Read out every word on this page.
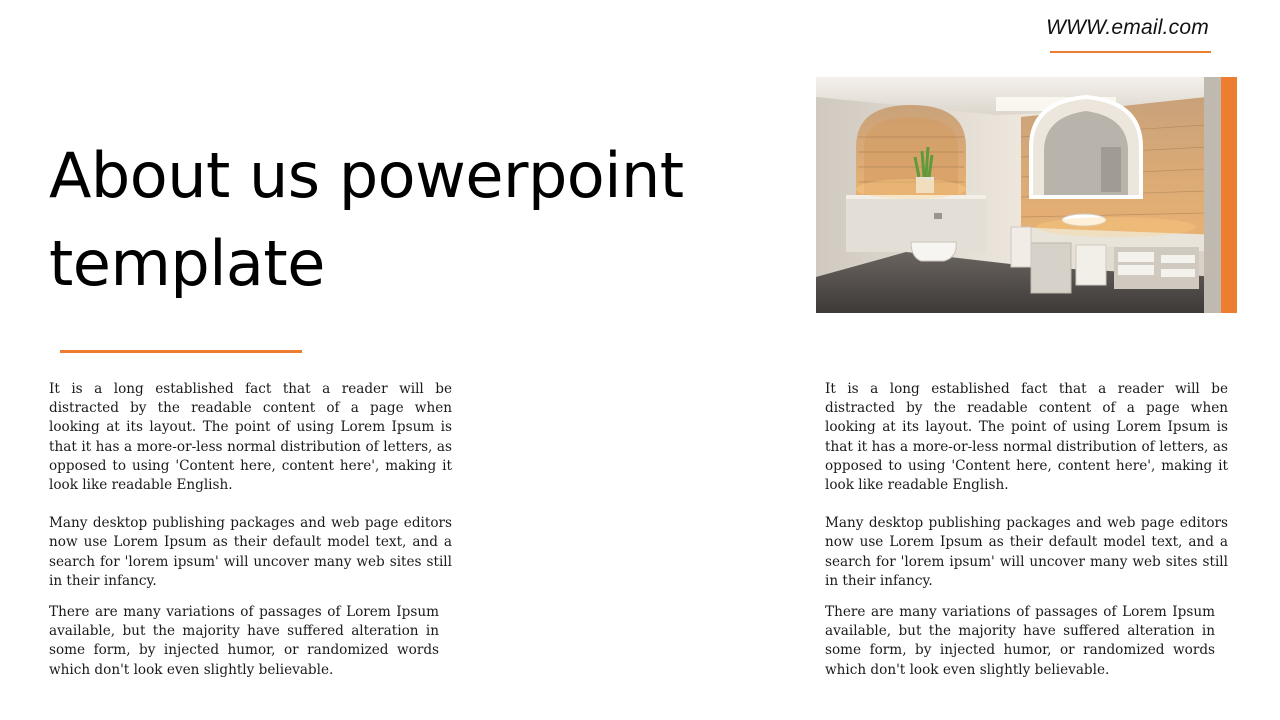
WWW.email.com
About us powerpoint template

It is a long established fact that a reader will be distracted by the readable content of a page when looking at its layout. The point of using Lorem Ipsum is that it has a more-or-less normal distribution of letters, as opposed to using 'Content here, content here', making it look like readable English.

Many desktop publishing packages and web page editors now use Lorem Ipsum as their default model text, and a search for 'lorem ipsum' will uncover many web sites still in their infancy.

There are many variations of passages of Lorem Ipsum available, but the majority have suffered alteration in some form, by injected humor, or randomized words which don't look even slightly believable.

It is a long established fact that a reader will be distracted by the readable content of a page when looking at its layout. The point of using Lorem Ipsum is that it has a more-or-less normal distribution of letters, as opposed to using 'Content here, content here', making it look like readable English.

Many desktop publishing packages and web page editors now use Lorem Ipsum as their default model text, and a search for 'lorem ipsum' will uncover many web sites still in their infancy.

There are many variations of passages of Lorem Ipsum available, but the majority have suffered alteration in some form, by injected humor, or randomized words which don't look even slightly believable.
